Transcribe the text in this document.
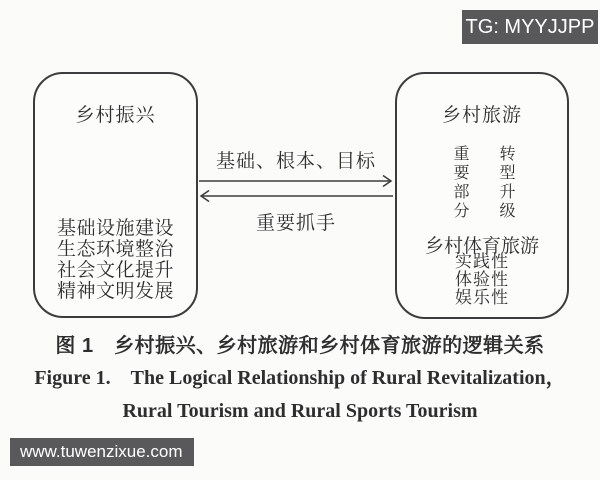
TG: MYYJJPP
乡村振兴
基础设施建设
生态环境整治
社会文化提升
精神文明发展
乡村旅游
重要部分 转型升级
乡村体育旅游
实践性
体验性
娱乐性
基础、根本、目标
重要抓手
图 1 乡村振兴、乡村旅游和乡村体育旅游的逻辑关系
Figure 1. The Logical Relationship of Rural Revitalization，
Rural Tourism and Rural Sports Tourism
www.tuwenzixue.com
